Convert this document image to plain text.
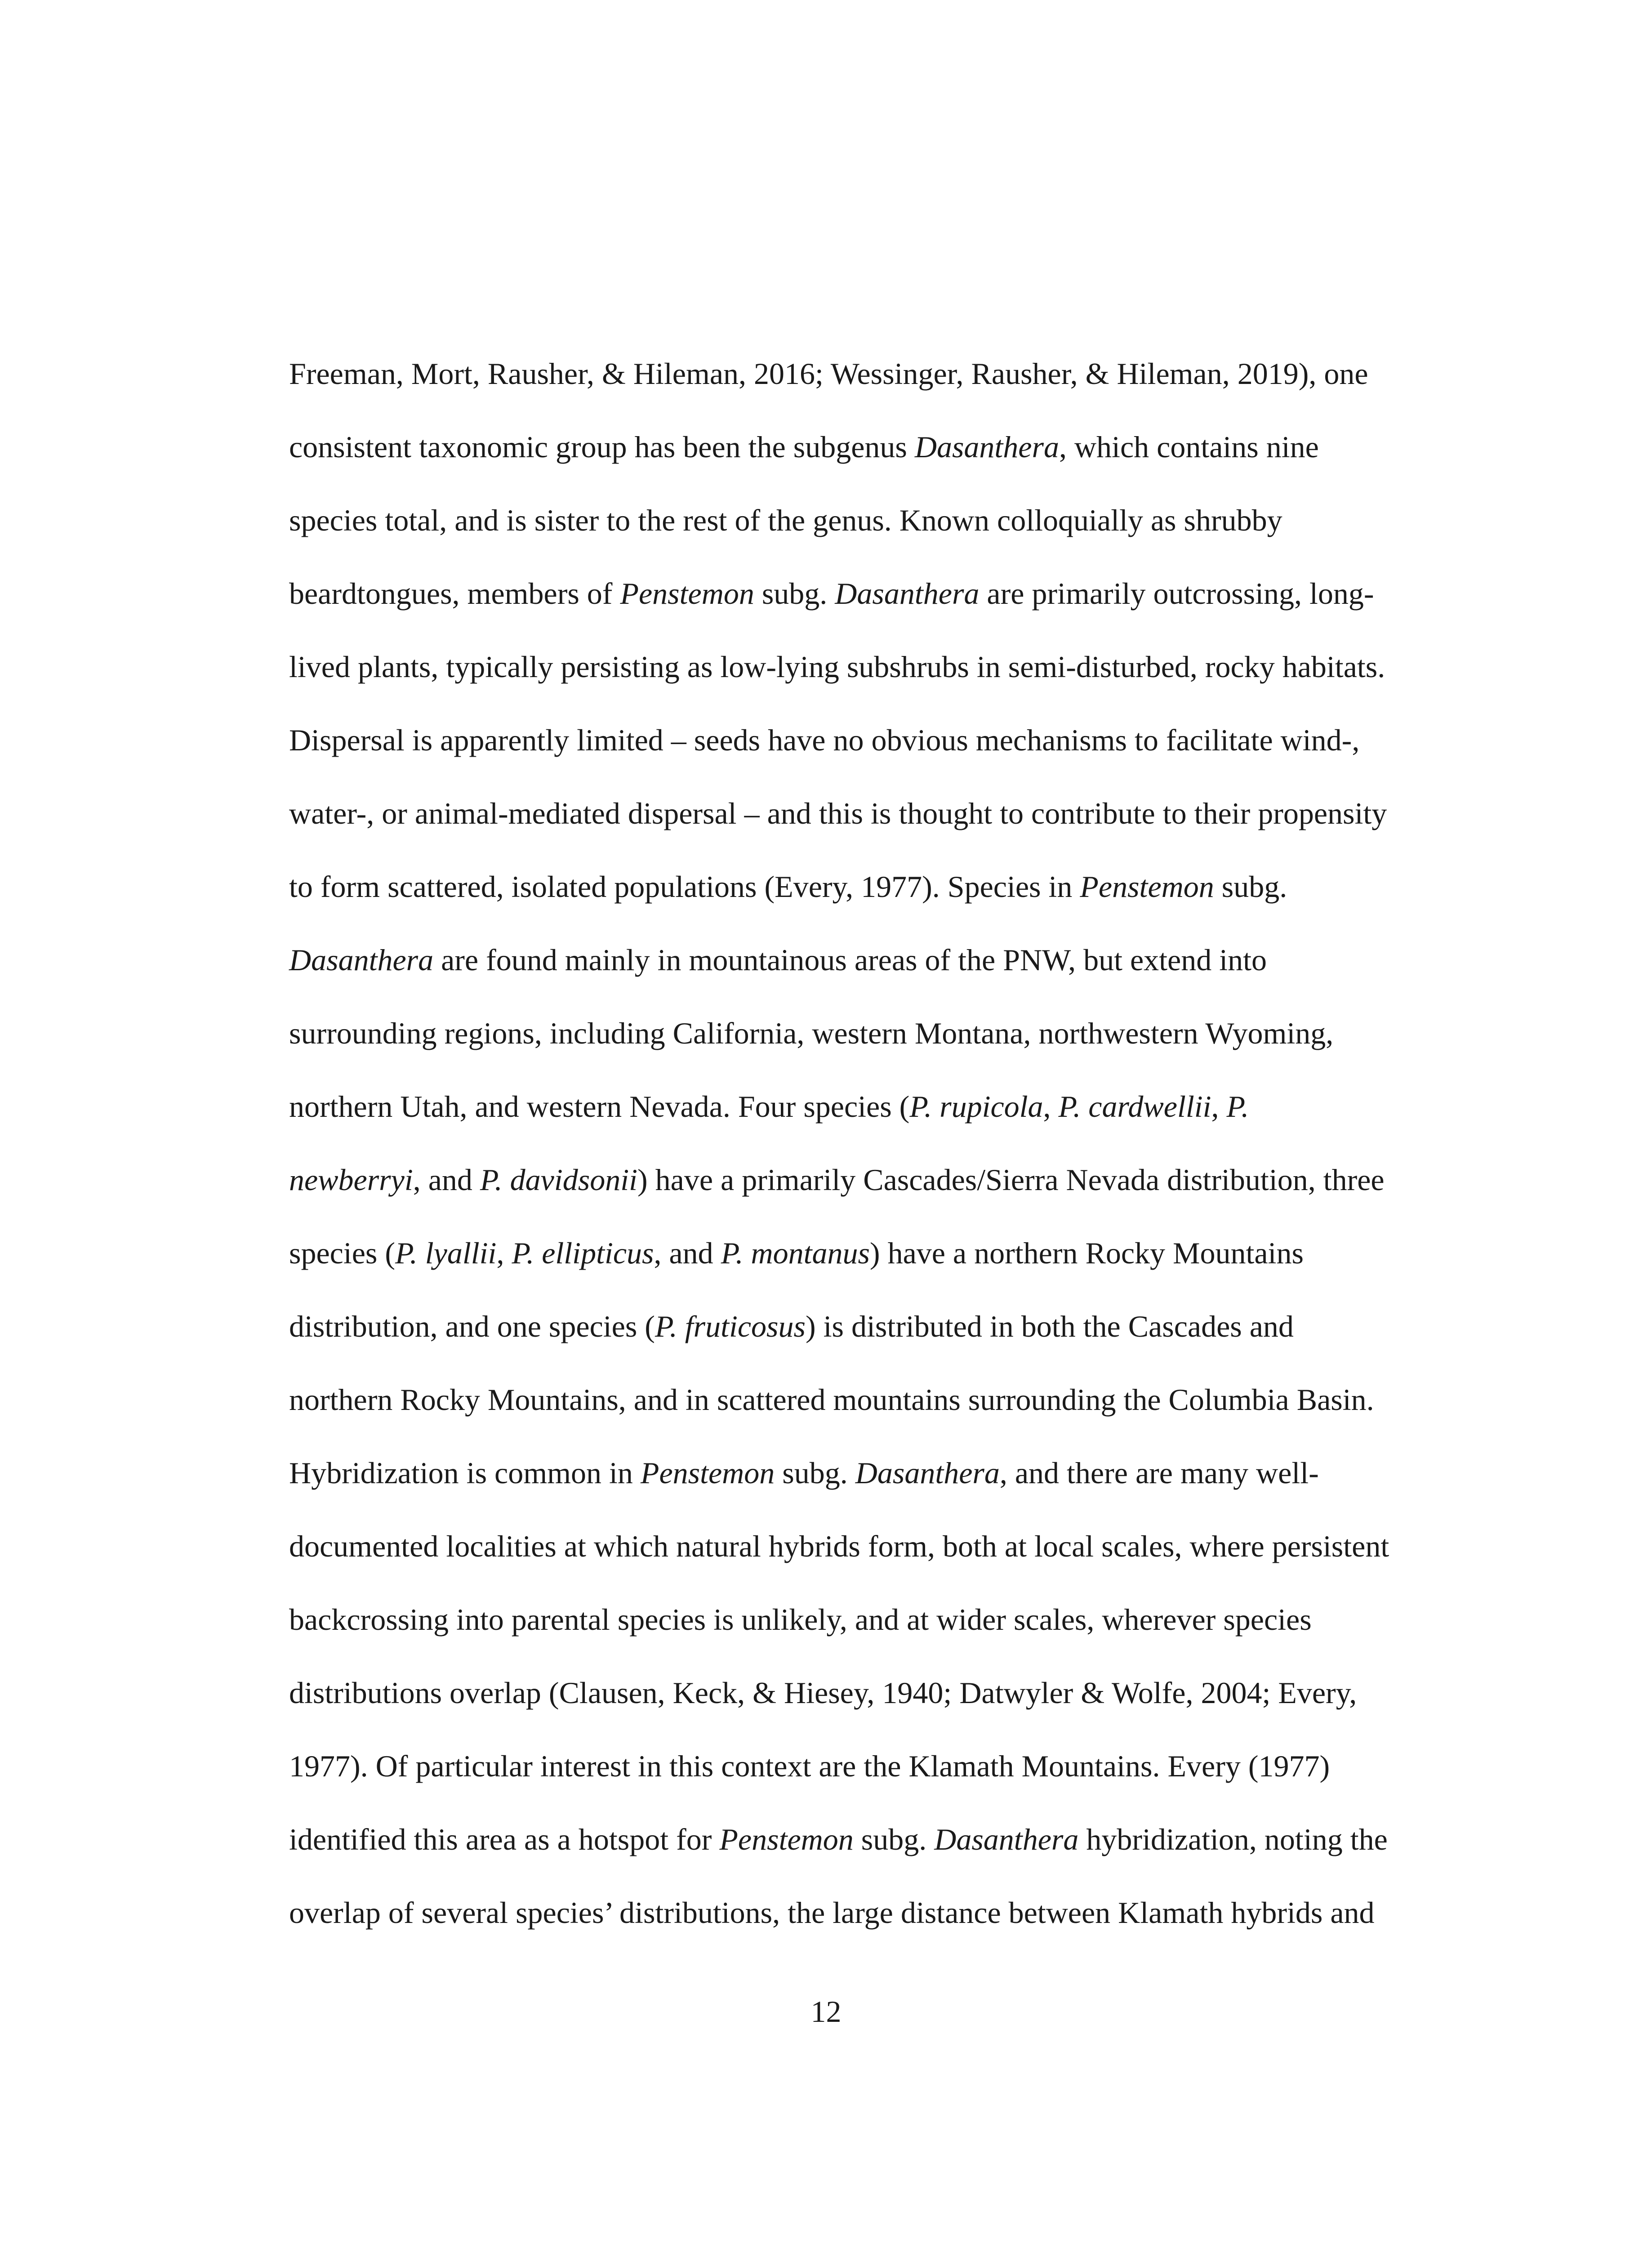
Freeman, Mort, Rausher, & Hileman, 2016; Wessinger, Rausher, & Hileman, 2019), one
consistent taxonomic group has been the subgenus Dasanthera, which contains nine
species total, and is sister to the rest of the genus. Known colloquially as shrubby
beardtongues, members of Penstemon subg. Dasanthera are primarily outcrossing, long-
lived plants, typically persisting as low-lying subshrubs in semi-disturbed, rocky habitats.
Dispersal is apparently limited – seeds have no obvious mechanisms to facilitate wind-,
water-, or animal-mediated dispersal – and this is thought to contribute to their propensity
to form scattered, isolated populations (Every, 1977). Species in Penstemon subg.
Dasanthera are found mainly in mountainous areas of the PNW, but extend into
surrounding regions, including California, western Montana, northwestern Wyoming,
northern Utah, and western Nevada. Four species (P. rupicola, P. cardwellii, P.
newberryi, and P. davidsonii) have a primarily Cascades/Sierra Nevada distribution, three
species (P. lyallii, P. ellipticus, and P. montanus) have a northern Rocky Mountains
distribution, and one species (P. fruticosus) is distributed in both the Cascades and
northern Rocky Mountains, and in scattered mountains surrounding the Columbia Basin.
Hybridization is common in Penstemon subg. Dasanthera, and there are many well-
documented localities at which natural hybrids form, both at local scales, where persistent
backcrossing into parental species is unlikely, and at wider scales, wherever species
distributions overlap (Clausen, Keck, & Hiesey, 1940; Datwyler & Wolfe, 2004; Every,
1977). Of particular interest in this context are the Klamath Mountains. Every (1977)
identified this area as a hotspot for Penstemon subg. Dasanthera hybridization, noting the
overlap of several species’ distributions, the large distance between Klamath hybrids and
12
